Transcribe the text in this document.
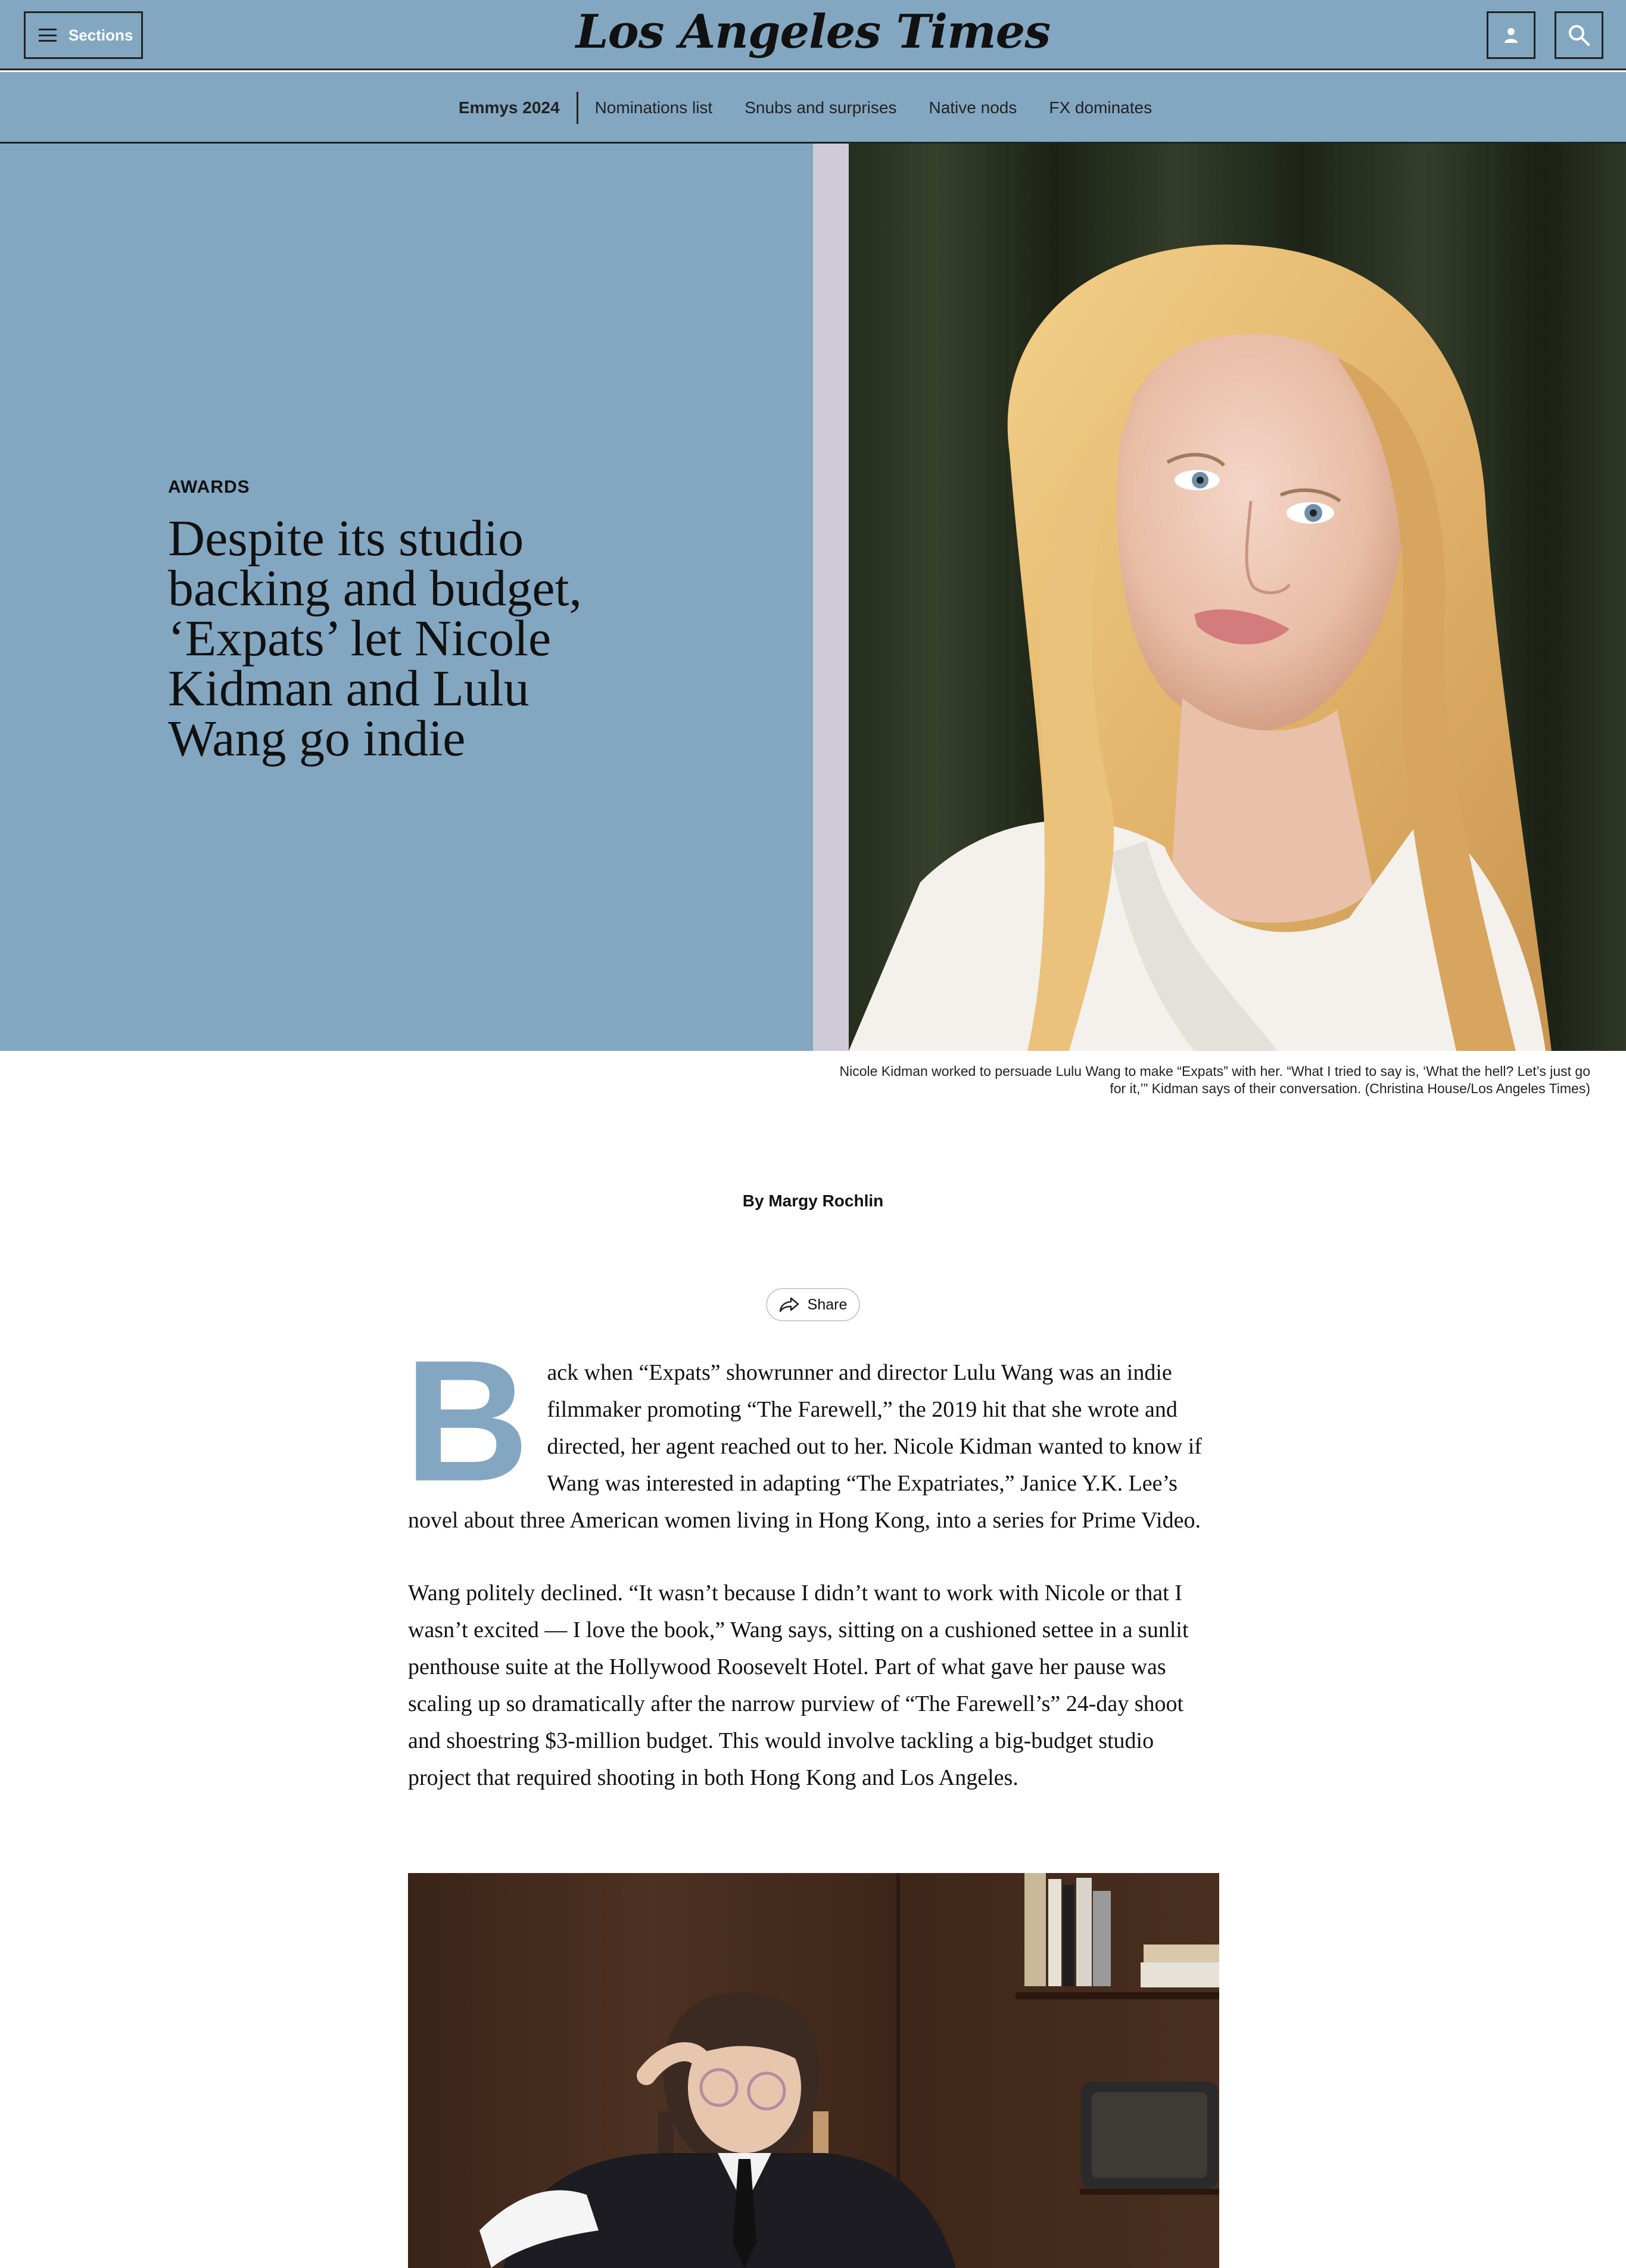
Sections	Los Angeles Times
Emmys 2024	Nominations list Snubs and surprises Native nods FX dominates
AWARDS
Despite its studio backing and budget, ‘Expats’ let Nicole Kidman and Lulu Wang go indie

Nicole Kidman worked to persuade Lulu Wang to make “Expats” with her. “What I tried to say is, ‘What the hell? Let’s just go for it,’” Kidman says of their conversation. (Christina House/Los Angeles Times)

By Margy Rochlin
Share

Back when “Expats” showrunner and director Lulu Wang was an indie filmmaker promoting “The Farewell,” the 2019 hit that she wrote and directed, her agent reached out to her. Nicole Kidman wanted to know if Wang was interested in adapting “The Expatriates,” Janice Y.K. Lee’s novel about three American women living in Hong Kong, into a series for Prime Video.

Wang politely declined. “It wasn’t because I didn’t want to work with Nicole or that I wasn’t excited — I love the book,” Wang says, sitting on a cushioned settee in a sunlit penthouse suite at the Hollywood Roosevelt Hotel. Part of what gave her pause was scaling up so dramatically after the narrow purview of “The Farewell’s” 24-day shoot and shoestring $3-million budget. This would involve tackling a big-budget studio project that required shooting in both Hong Kong and Los Angeles.
